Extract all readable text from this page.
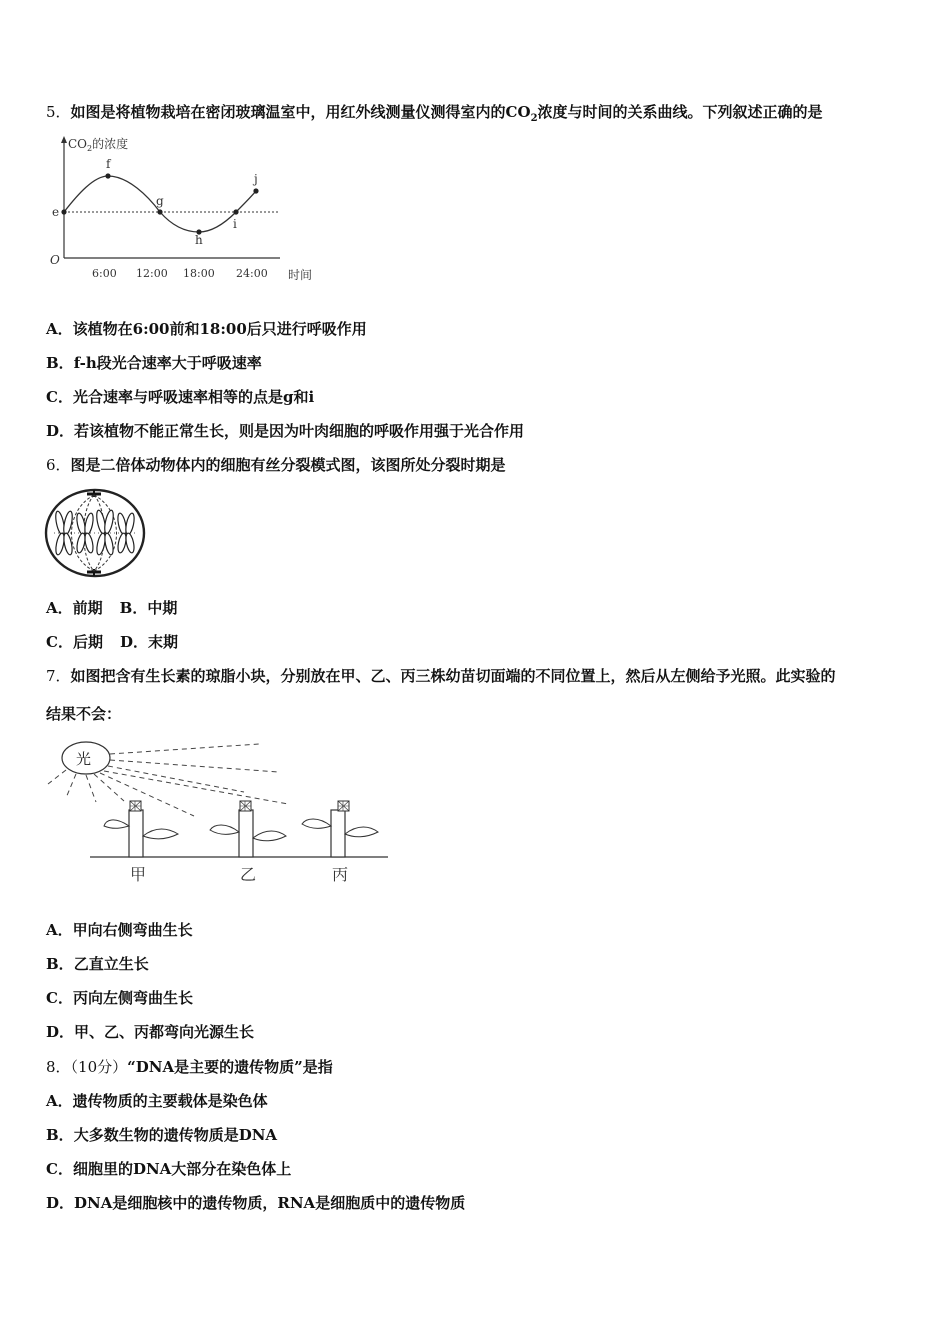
5．如图是将植物栽培在密闭玻璃温室中，用红外线测量仪测得室内的$CO_2$浓度与时间的关系曲线。下列叙述正确的是
$CO_2$的浓度
O
6:00 12:00 18:00 24:00 时间
e
f
g
h
i
j
A．该植物在6:00前和18:00后只进行呼吸作用
B．f-h段光合速率大于呼吸速率
C．光合速率与呼吸速率相等的点是g和i
D．若该植物不能正常生长，则是因为叶肉细胞的呼吸作用强于光合作用
6．图是二倍体动物体内的细胞有丝分裂模式图，该图所处分裂时期是
A．前期 B．中期
C．后期 D．末期
7．如图把含有生长素的琼脂小块，分别放在甲、乙、丙三株幼苗切面端的不同位置上，然后从左侧给予光照。此实验的
结果不会：
光
甲	乙	丙
A．甲向右侧弯曲生长
B．乙直立生长
C．丙向左侧弯曲生长
D．甲、乙、丙都弯向光源生长
8．（10分）“DNA是主要的遗传物质”是指
A．遗传物质的主要载体是染色体
B．大多数生物的遗传物质是DNA
C．细胞里的DNA大部分在染色体上
D．DNA是细胞核中的遗传物质，RNA是细胞质中的遗传物质
